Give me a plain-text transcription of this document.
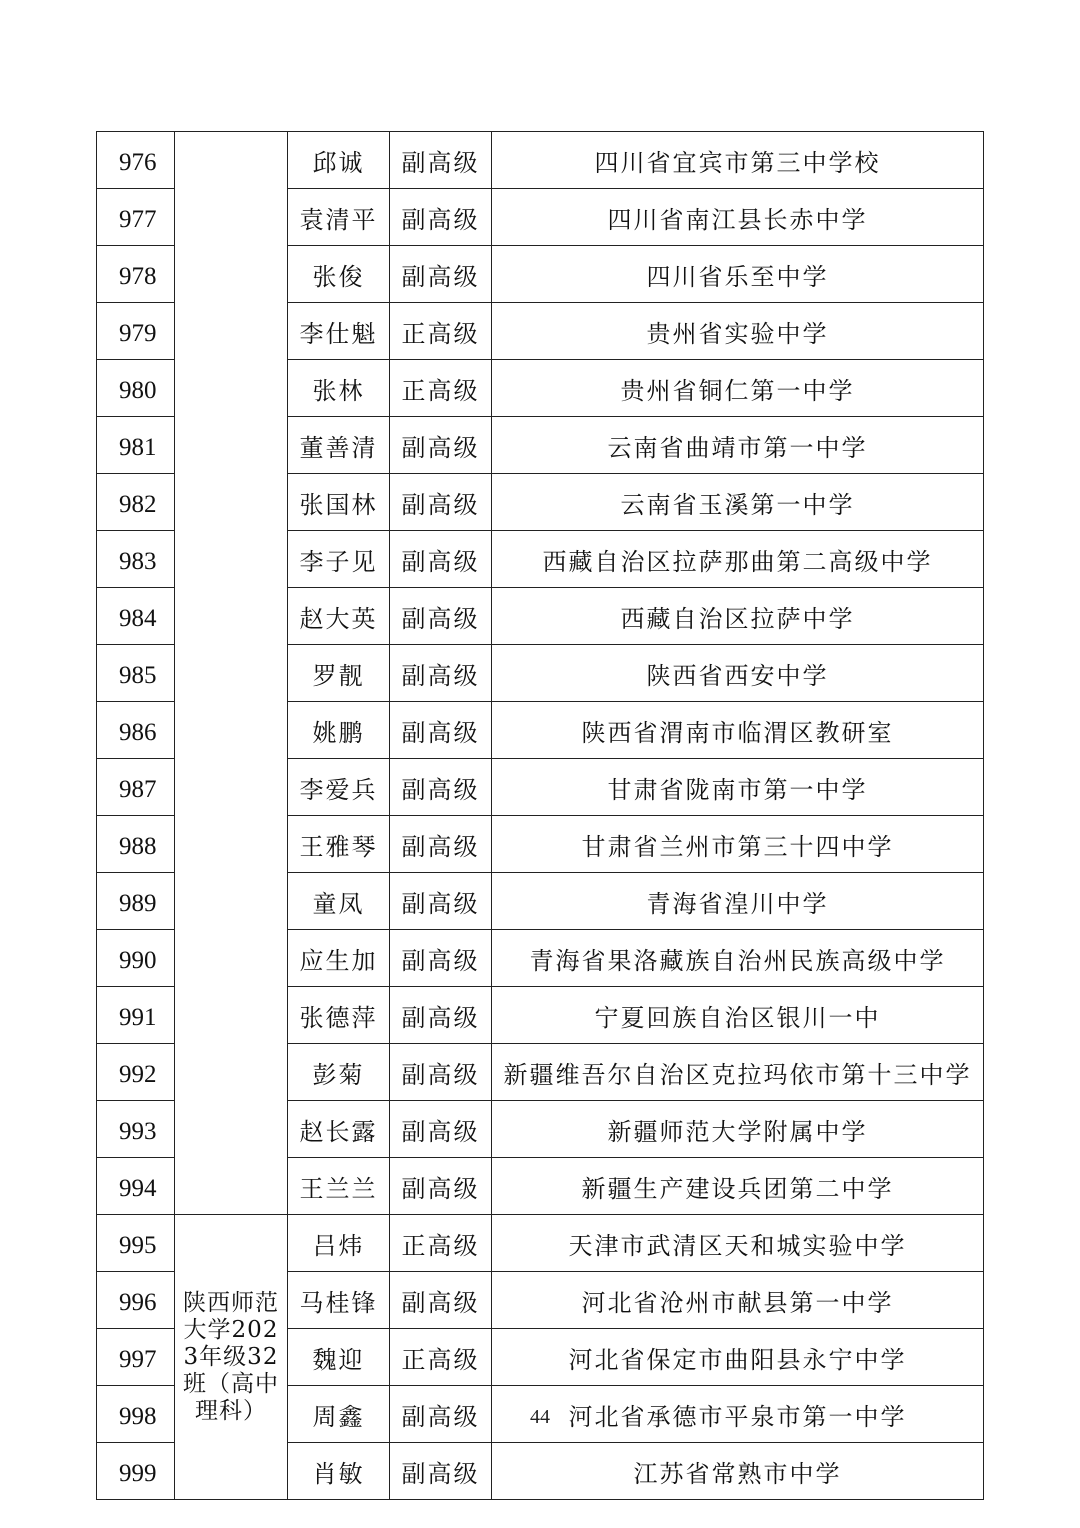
976		邱诚	副高级	四川省宜宾市第三中学校
977		袁清平	副高级	四川省南江县长赤中学
978		张俊	副高级	四川省乐至中学
979		李仕魁	正高级	贵州省实验中学
980		张林	正高级	贵州省铜仁第一中学
981		董善清	副高级	云南省曲靖市第一中学
982		张国林	副高级	云南省玉溪第一中学
983		李子见	副高级	西藏自治区拉萨那曲第二高级中学
984		赵大英	副高级	西藏自治区拉萨中学
985		罗靓	副高级	陕西省西安中学
986		姚鹏	副高级	陕西省渭南市临渭区教研室
987		李爱兵	副高级	甘肃省陇南市第一中学
988		王雅琴	副高级	甘肃省兰州市第三十四中学
989		童凤	副高级	青海省湟川中学
990		应生加	副高级	青海省果洛藏族自治州民族高级中学
991		张德萍	副高级	宁夏回族自治区银川一中
992		彭菊	副高级	新疆维吾尔自治区克拉玛依市第十三中学
993		赵长露	副高级	新疆师范大学附属中学
994		王兰兰	副高级	新疆生产建设兵团第二中学
995	陕西师范大学2023年级32班（高中理科）	吕炜	正高级	天津市武清区天和城实验中学
996		马桂锋	副高级	河北省沧州市献县第一中学
997		魏迎	正高级	河北省保定市曲阳县永宁中学
998		周鑫	副高级	河北省承德市平泉市第一中学
999		肖敏	副高级	江苏省常熟市中学
44
